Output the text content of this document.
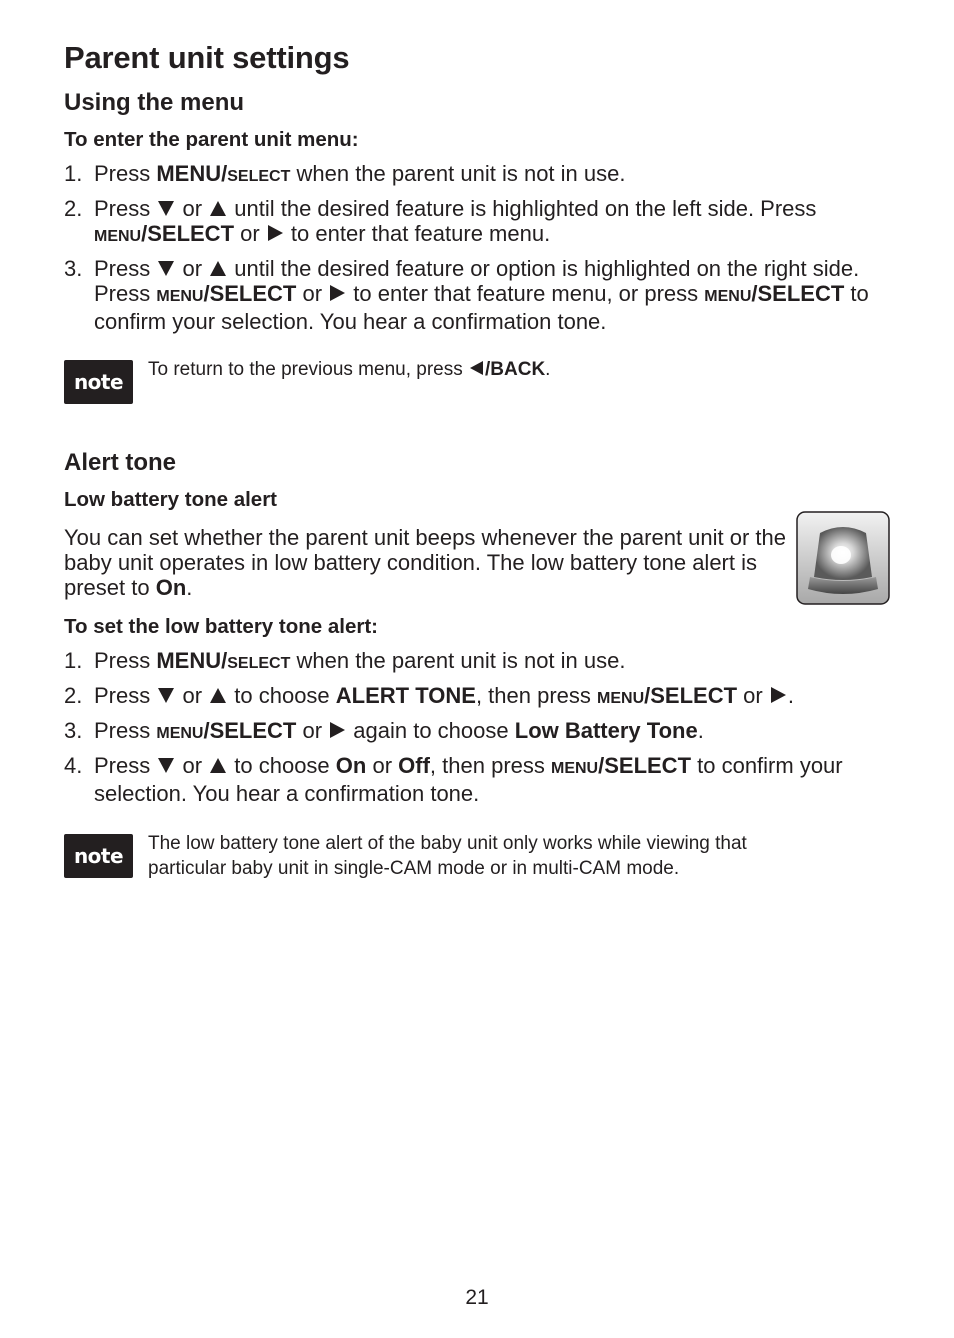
Parent unit settings
Using the menu
To enter the parent unit menu:
1. Press MENU/SELECT when the parent unit is not in use.
2. Press  or  until the desired feature is highlighted on the left side. Press MENU/SELECT or  to enter that feature menu.
3. Press  or  until the desired feature or option is highlighted on the right side. Press MENU/SELECT or  to enter that feature menu, or press MENU/SELECT to confirm your selection. You hear a confirmation tone.
note
To return to the previous menu, press /BACK.
Alert tone
Low battery tone alert
You can set whether the parent unit beeps whenever the parent unit or the baby unit operates in low battery condition. The low battery tone alert is preset to On.
To set the low battery tone alert:
1. Press MENU/SELECT when the parent unit is not in use.
2. Press  or  to choose ALERT TONE, then press MENU/SELECT or .
3. Press MENU/SELECT or  again to choose Low Battery Tone.
4. Press  or  to choose On or Off, then press MENU/SELECT to confirm your selection. You hear a confirmation tone.
note
The low battery tone alert of the baby unit only works while viewing that particular baby unit in single-CAM mode or in multi-CAM mode.
21
